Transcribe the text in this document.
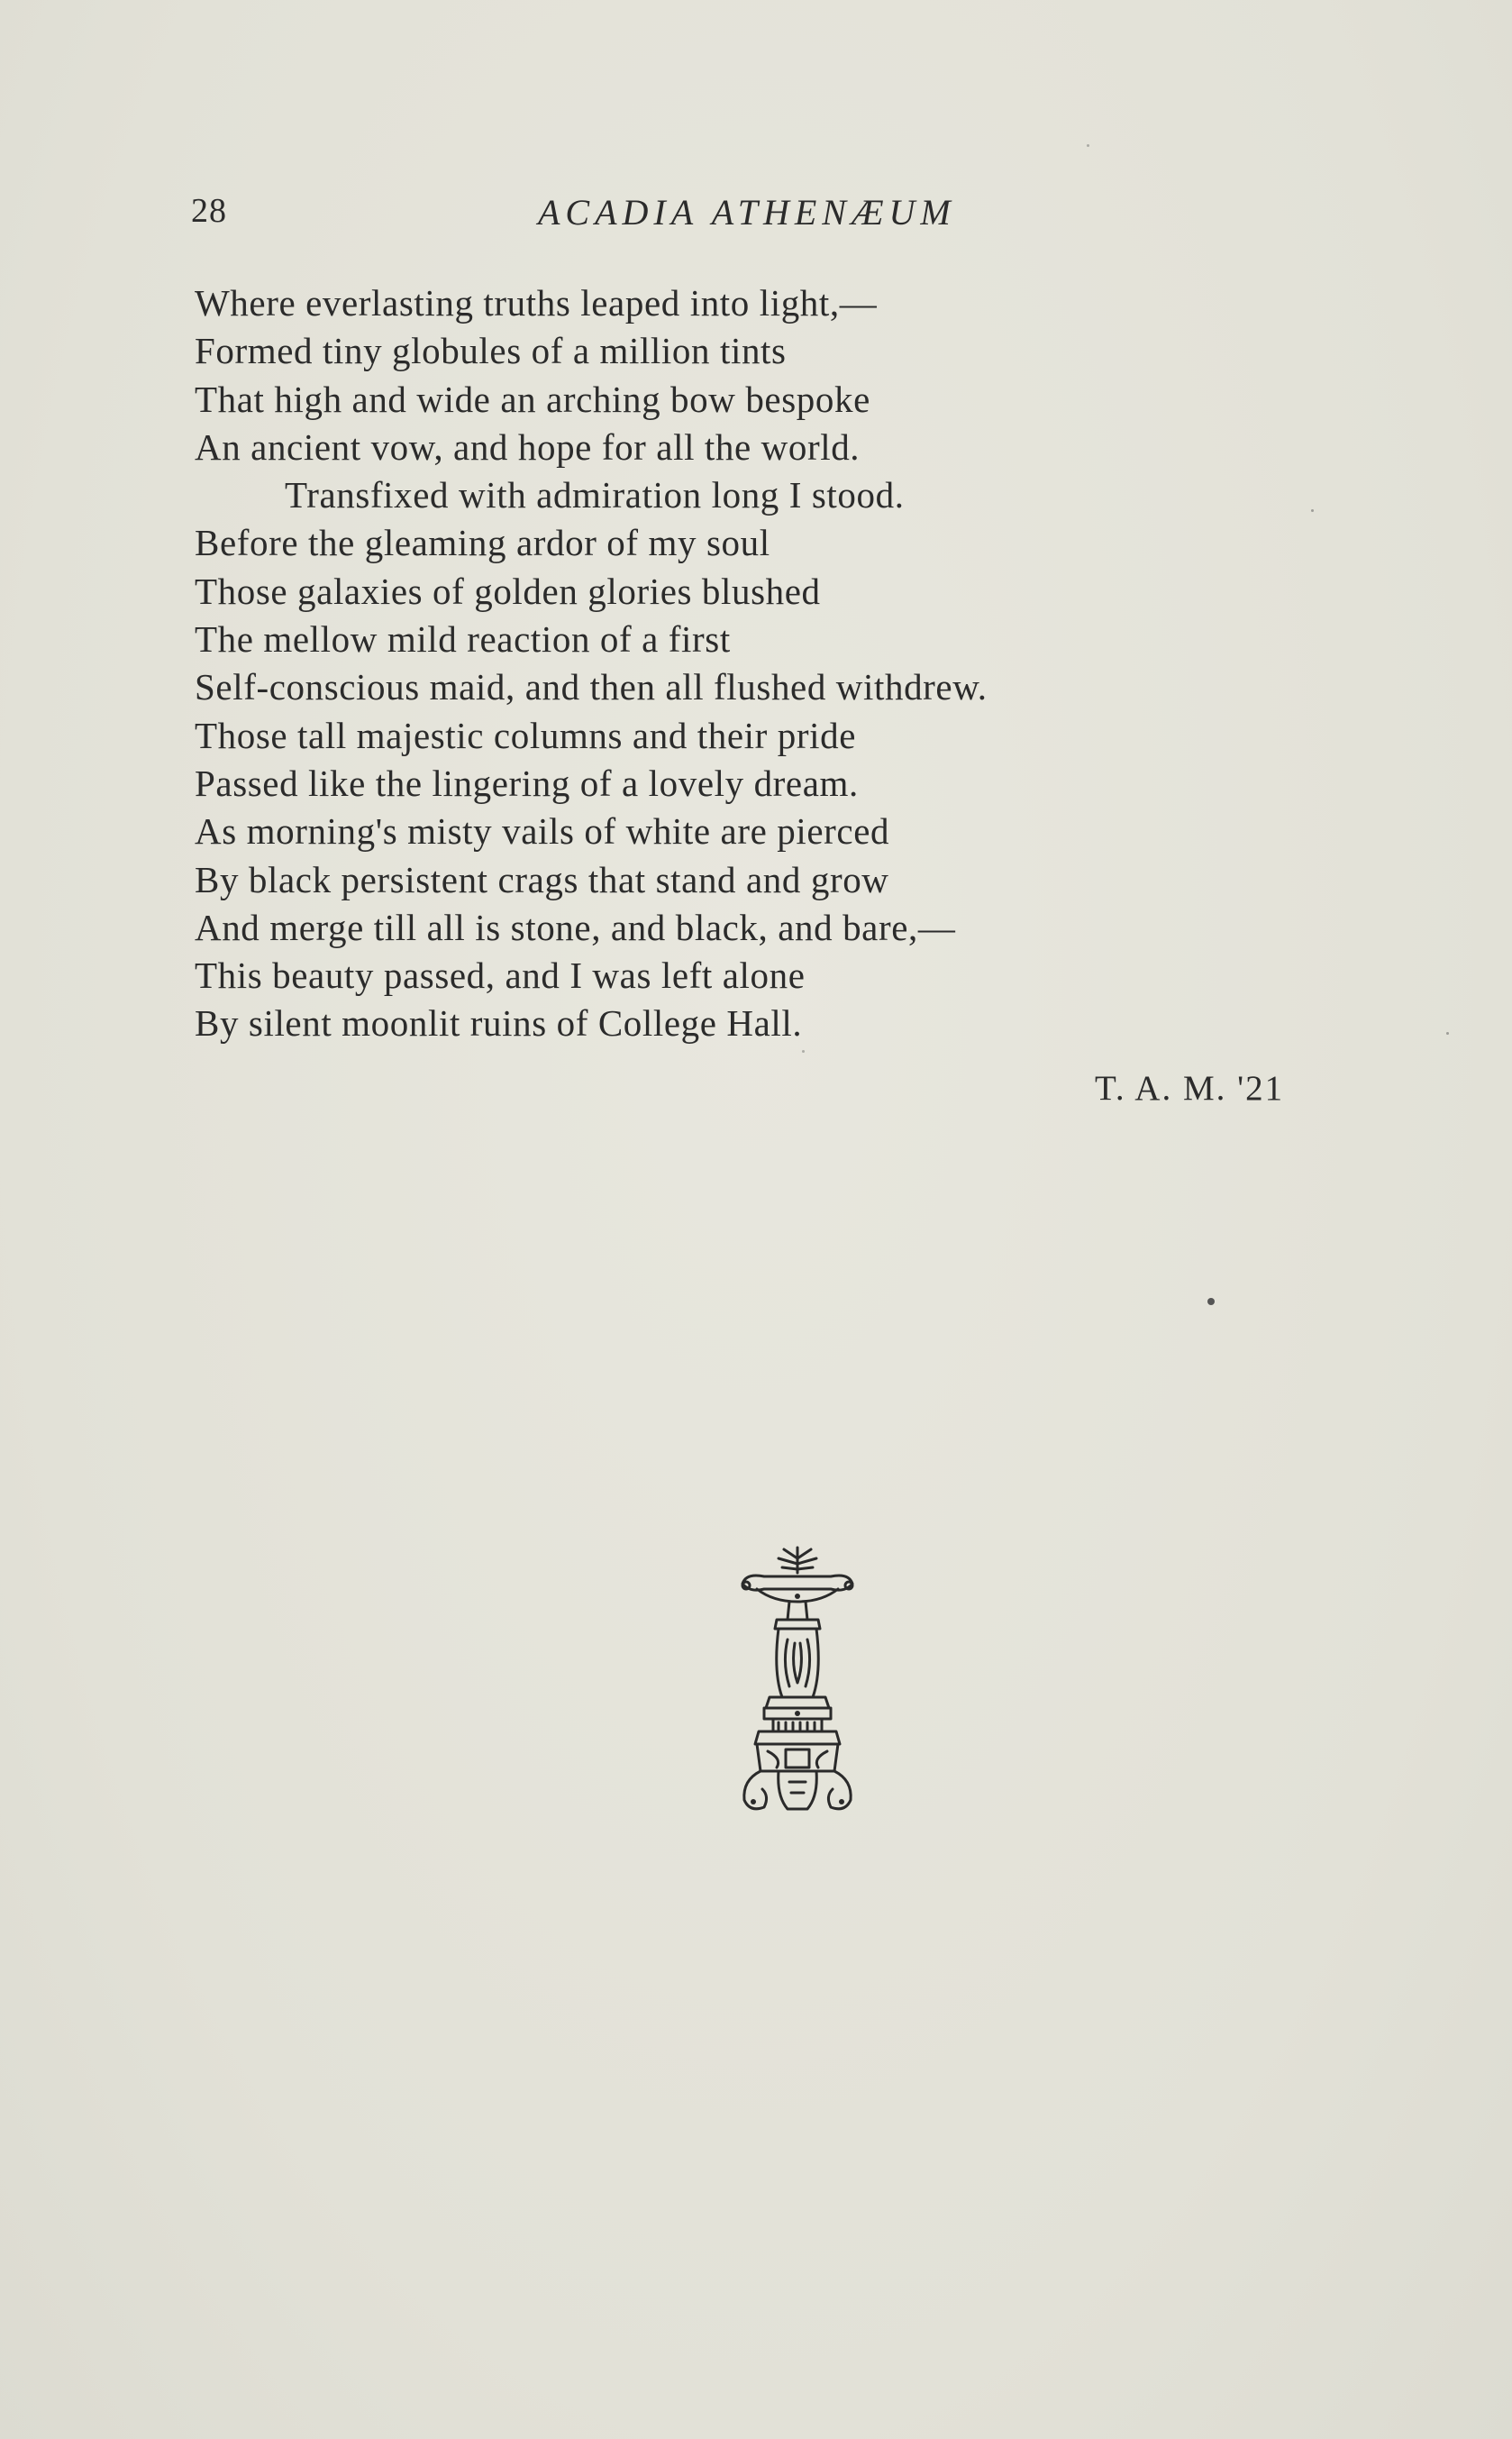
28	ACADIA ATHENÆUM
Where everlasting truths leaped into light,—
Formed tiny globules of a million tints
That high and wide an arching bow bespoke
An ancient vow, and hope for all the world.
Transfixed with admiration long I stood.
Before the gleaming ardor of my soul
Those galaxies of golden glories blushed
The mellow mild reaction of a first
Self-conscious maid, and then all flushed withdrew.
Those tall majestic columns and their pride
Passed like the lingering of a lovely dream.
As morning's misty vails of white are pierced
By black persistent crags that stand and grow
And merge till all is stone, and black, and bare,—
This beauty passed, and I was left alone
By silent moonlit ruins of College Hall.
T. A. M. '21
